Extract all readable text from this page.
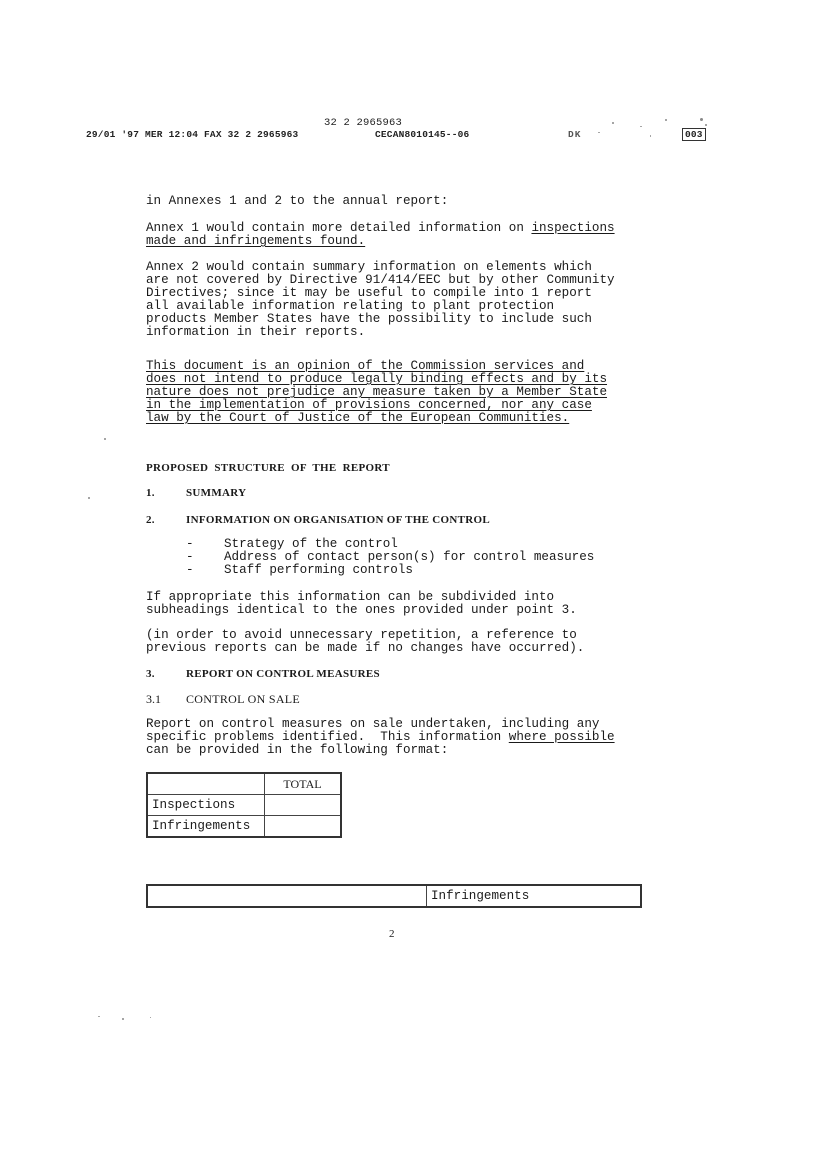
32 2 2965963
29/01 '97 MER 12:04 FAX 32 2 2965963	CECAN8010145--06	DK	003
in Annexes 1 and 2 to the annual report:
Annex 1 would contain more detailed information on inspections
made and infringements found.
Annex 2 would contain summary information on elements which
are not covered by Directive 91/414/EEC but by other Community
Directives; since it may be useful to compile into 1 report
all available information relating to plant protection
products Member States have the possibility to include such
information in their reports.
This document is an opinion of the Commission services and
does not intend to produce legally binding effects and by its
nature does not prejudice any measure taken by a Member State
in the implementation of provisions concerned, nor any case
law by the Court of Justice of the European Communities.
PROPOSED  STRUCTURE  OF  THE  REPORT
1.	SUMMARY
2.	INFORMATION ON ORGANISATION OF THE CONTROL
- Strategy of the control
- Address of contact person(s) for control measures
- Staff performing controls
If appropriate this information can be subdivided into
subheadings identical to the ones provided under point 3.
(in order to avoid unnecessary repetition, a reference to
previous reports can be made if no changes have occurred).
3.	REPORT ON CONTROL MEASURES
3.1 CONTROL ON SALE
Report on control measures on sale undertaken, including any
specific problems identified.  This information where possible
can be provided in the following format:
	TOTAL
Inspections	
Infringements	
	Infringements
2
